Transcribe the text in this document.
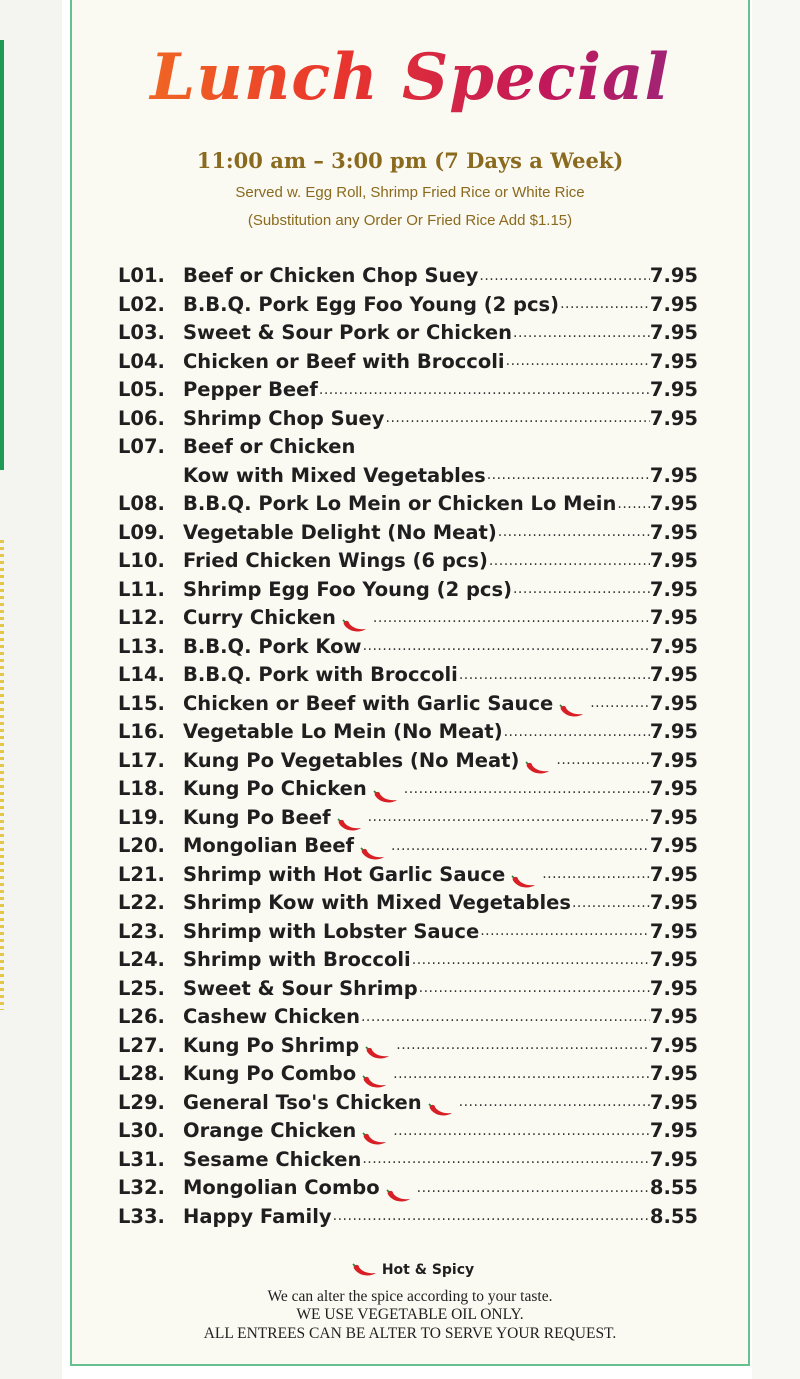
Lunch Special
11:00 am – 3:00 pm (7 Days a Week)
Served w. Egg Roll, Shrimp Fried Rice or White Rice
(Substitution any Order Or Fried Rice Add $1.15)
L01. Beef or Chicken Chop Suey .....	7.95
L02. B.B.Q. Pork Egg Foo Young (2 pcs) .....	7.95
L03. Sweet & Sour Pork or Chicken .....	7.95
L04. Chicken or Beef with Broccoli .....	7.95
L05. Pepper Beef .....	7.95
L06. Shrimp Chop Suey .....	7.95
L07. Beef or Chicken
Kow with Mixed Vegetables .....	7.95
L08. B.B.Q. Pork Lo Mein or Chicken Lo Mein ..... 7.95
L09. Vegetable Delight (No Meat) .....	7.95
L10. Fried Chicken Wings (6 pcs) .....	7.95
L11. Shrimp Egg Foo Young (2 pcs) .....	7.95
L12. Curry Chicken .....	7.95
L13. B.B.Q. Pork Kow .....	7.95
L14. B.B.Q. Pork with Broccoli .....	7.95
L15. Chicken or Beef with Garlic Sauce .....	7.95
L16. Vegetable Lo Mein (No Meat) .....	7.95
L17. Kung Po Vegetables (No Meat) .....	7.95
L18. Kung Po Chicken .....	7.95
L19. Kung Po Beef .....	7.95
L20. Mongolian Beef .....	7.95
L21. Shrimp with Hot Garlic Sauce .....	7.95
L22. Shrimp Kow with Mixed Vegetables .....	7.95
L23. Shrimp with Lobster Sauce .....	7.95
L24. Shrimp with Broccoli .....	7.95
L25. Sweet & Sour Shrimp .....	7.95
L26. Cashew Chicken .....	7.95
L27. Kung Po Shrimp .....	7.95
L28. Kung Po Combo .....	7.95
L29. General Tso's Chicken .....	7.95
L30. Orange Chicken .....	7.95
L31. Sesame Chicken .....	7.95
L32. Mongolian Combo .....	8.55
L33. Happy Family .....	8.55
Hot & Spicy
We can alter the spice according to your taste.
WE USE VEGETABLE OIL ONLY.
ALL ENTREES CAN BE ALTER TO SERVE YOUR REQUEST.
